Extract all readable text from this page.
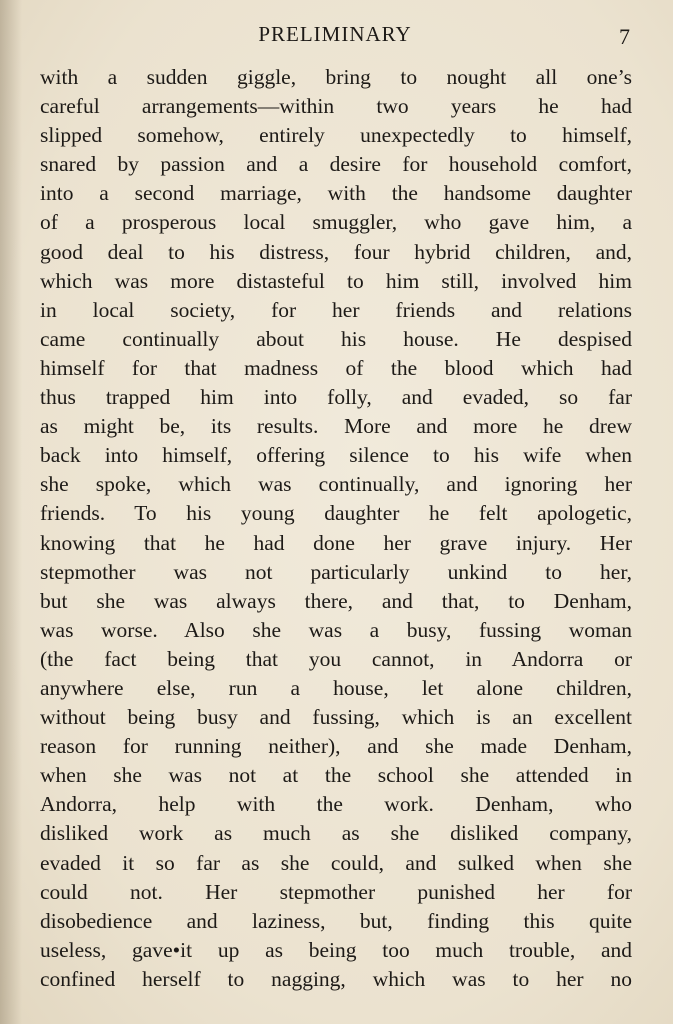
PRELIMINARY	7
with a sudden giggle, bring to nought all one’s
careful arrangements—within two years he had
slipped somehow, entirely unexpectedly to himself,
snared by passion and a desire for household comfort,
into a second marriage, with the handsome daughter
of a prosperous local smuggler, who gave him, a
good deal to his distress, four hybrid children, and,
which was more distasteful to him still, involved him
in local society, for her friends and relations
came continually about his house. He despised
himself for that madness of the blood which had
thus trapped him into folly, and evaded, so far
as might be, its results. More and more he drew
back into himself, offering silence to his wife when
she spoke, which was continually, and ignoring her
friends. To his young daughter he felt apologetic,
knowing that he had done her grave injury. Her
stepmother was not particularly unkind to her,
but she was always there, and that, to Denham,
was worse. Also she was a busy, fussing woman
(the fact being that you cannot, in Andorra or
anywhere else, run a house, let alone children,
without being busy and fussing, which is an excellent
reason for running neither), and she made Denham,
when she was not at the school she attended in
Andorra, help with the work. Denham, who
disliked work as much as she disliked company,
evaded it so far as she could, and sulked when she
could not. Her stepmother punished her for
disobedience and laziness, but, finding this quite
useless, gave•it up as being too much trouble, and
confined herself to nagging, which was to her no
